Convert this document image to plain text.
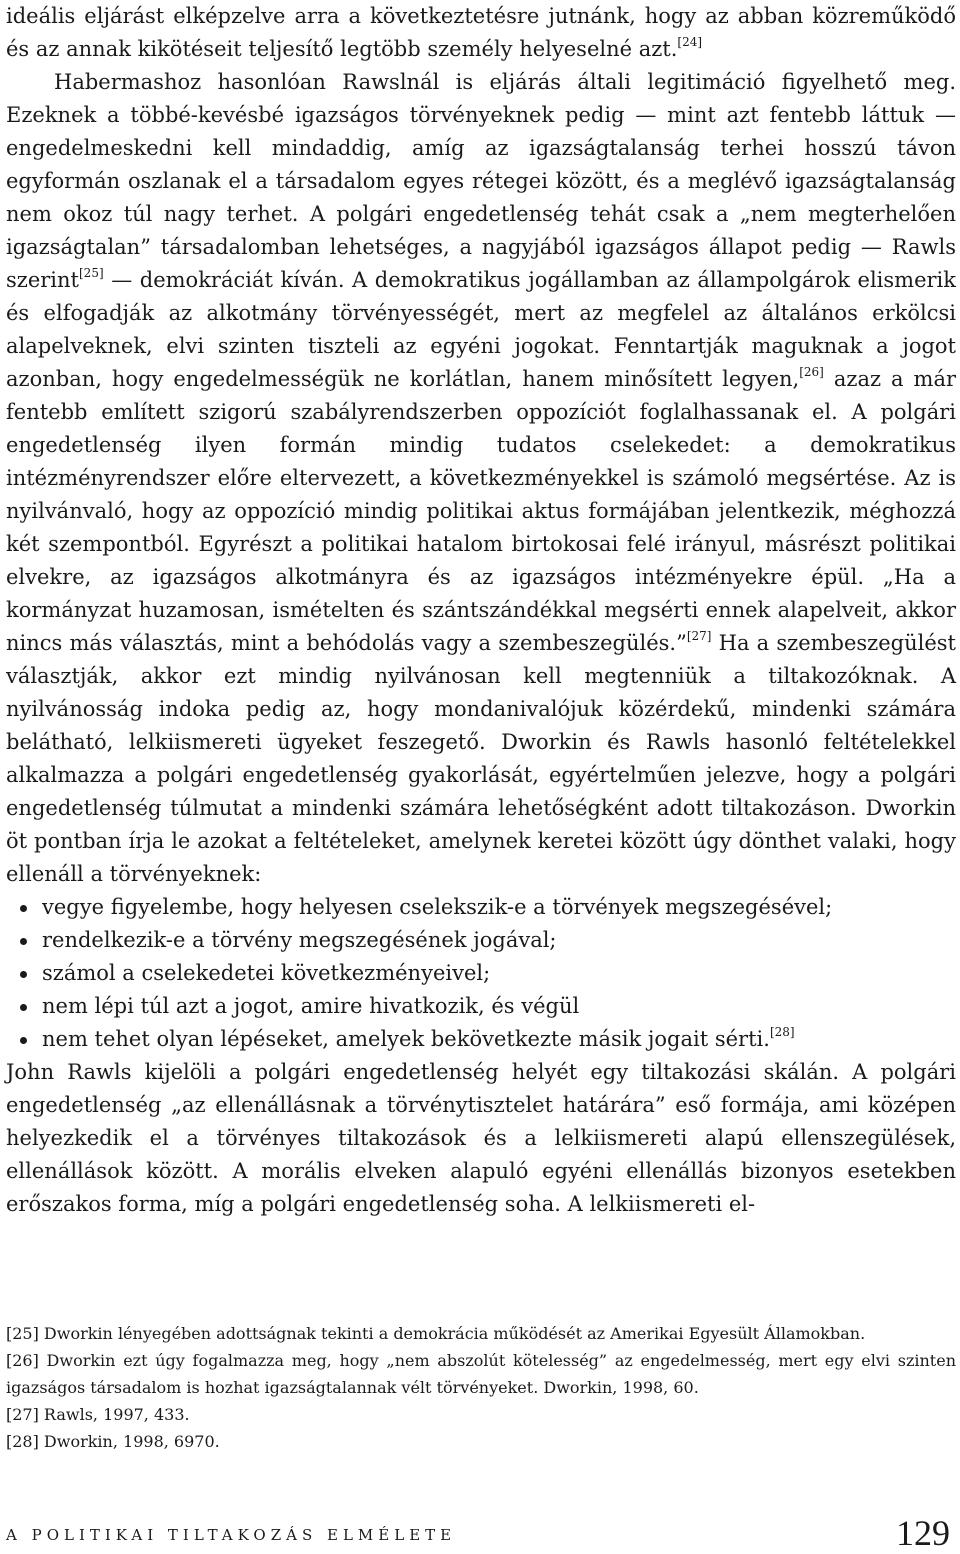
ideális eljárást elképzelve arra a következtetésre jutnánk, hogy az abban közreműködő és az annak kikötéseit teljesítő legtöbb személy helyeselné azt.[24]

Habermashoz hasonlóan Rawslnál is eljárás általi legitimáció figyelhető meg. Ezeknek a többé-kevésbé igazságos törvényeknek pedig — mint azt fentebb láttuk — engedelmeskedni kell mindaddig, amíg az igazságtalanság terhei hosszú távon egyformán oszlanak el a társadalom egyes rétegei között, és a meglévő igazságtalanság nem okoz túl nagy terhet. A polgári engedetlenség tehát csak a „nem megterhelően igazságtalan” társadalomban lehetséges, a nagyjából igazságos állapot pedig — Rawls szerint[25] — demokráciát kíván. A demokratikus jogállamban az állampolgárok elismerik és elfogadják az alkotmány törvényességét, mert az megfelel az általános erkölcsi alapelveknek, elvi szinten tiszteli az egyéni jogokat. Fenntartják maguknak a jogot azonban, hogy engedelmességük ne korlátlan, hanem minősített legyen,[26] azaz a már fentebb említett szigorú szabályrendszerben oppozíciót foglalhassanak el. A polgári engedetlenség ilyen formán mindig tudatos cselekedet: a demokratikus intézményrendszer előre eltervezett, a következményekkel is számoló megsértése. Az is nyilvánvaló, hogy az oppozíció mindig politikai aktus formájában jelentkezik, méghozzá két szempontból. Egyrészt a politikai hatalom birtokosai felé irányul, másrészt politikai elvekre, az igazságos alkotmányra és az igazságos intézményekre épül. „Ha a kormányzat huzamosan, ismételten és szántszándékkal megsérti ennek alapelveit, akkor nincs más választás, mint a behódolás vagy a szembeszegülés.”[27] Ha a szembeszegülést választják, akkor ezt mindig nyilvánosan kell megtenniük a tiltakozóknak. A nyilvánosság indoka pedig az, hogy mondanivalójuk közérdekű, mindenki számára belátható, lelkiismereti ügyeket feszegető. Dworkin és Rawls hasonló feltételekkel alkalmazza a polgári engedetlenség gyakorlását, egyértelműen jelezve, hogy a polgári engedetlenség túlmutat a mindenki számára lehetőségként adott tiltakozáson. Dworkin öt pontban írja le azokat a feltételeket, amelynek keretei között úgy dönthet valaki, hogy ellenáll a törvényeknek:

vegye figyelembe, hogy helyesen cselekszik-e a törvények megszegésével;
rendelkezik-e a törvény megszegésének jogával;
számol a cselekedetei következményeivel;
nem lépi túl azt a jogot, amire hivatkozik, és végül
nem tehet olyan lépéseket, amelyek bekövetkezte másik jogait sérti.[28]

John Rawls kijelöli a polgári engedetlenség helyét egy tiltakozási skálán. A polgári engedetlenség „az ellenállásnak a törvénytisztelet határára” eső formája, ami középen helyezkedik el a törvényes tiltakozások és a lelkiismereti alapú ellenszegülések, ellenállások között. A morális elveken alapuló egyéni ellenállás bizonyos esetekben erőszakos forma, míg a polgári engedetlenség soha. A lelkiismereti el-

[25] Dworkin lényegében adottságnak tekinti a demokrácia működését az Amerikai Egyesült Államokban.

[26] Dworkin ezt úgy fogalmazza meg, hogy „nem abszolút kötelesség” az engedelmesség, mert egy elvi szinten igazságos társadalom is hozhat igazságtalannak vélt törvényeket. Dworkin, 1998, 60.

[27] Rawls, 1997, 433.

[28] Dworkin, 1998, 6970.

A POLITIKAI TILTAKOZÁS ELMÉLETE	129
